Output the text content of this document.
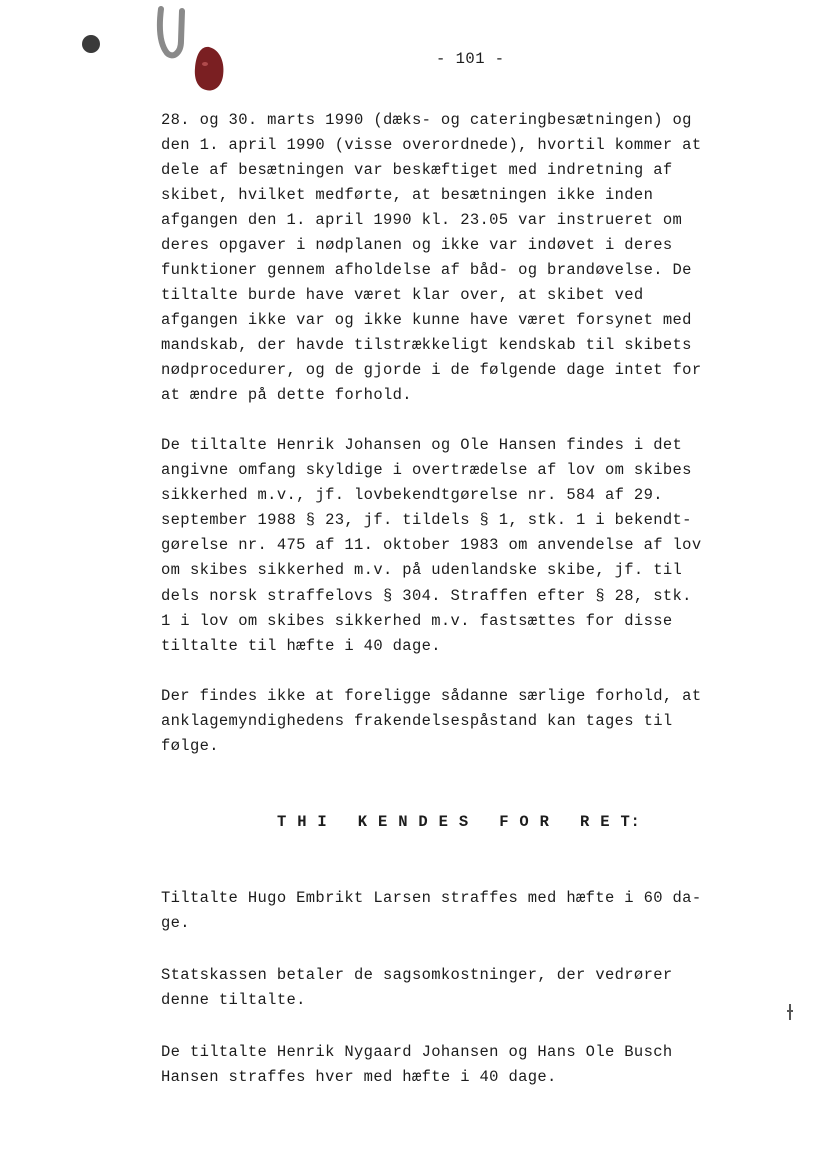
- 101 -
28. og 30. marts 1990 (dæks- og cateringbesætningen) og
den 1. april 1990 (visse overordnede), hvortil kommer at
dele af besætningen var beskæftiget med indretning af
skibet, hvilket medførte, at besætningen ikke inden
afgangen den 1. april 1990 kl. 23.05 var instrueret om
deres opgaver i nødplanen og ikke var indøvet i deres
funktioner gennem afholdelse af båd- og brandøvelse. De
tiltalte burde have været klar over, at skibet ved
afgangen ikke var og ikke kunne have været forsynet med
mandskab, der havde tilstrækkeligt kendskab til skibets
nødprocedurer, og de gjorde i de følgende dage intet for
at ændre på dette forhold.
De tiltalte Henrik Johansen og Ole Hansen findes i det
angivne omfang skyldige i overtrædelse af lov om skibes
sikkerhed m.v., jf. lovbekendtgørelse nr. 584 af 29.
september 1988 § 23, jf. tildels § 1, stk. 1 i bekendt-
gørelse nr. 475 af 11. oktober 1983 om anvendelse af lov
om skibes sikkerhed m.v. på udenlandske skibe, jf. til
dels norsk straffelovs § 304. Straffen efter § 28, stk.
1 i lov om skibes sikkerhed m.v. fastsættes for disse
tiltalte til hæfte i 40 dage.
Der findes ikke at foreligge sådanne særlige forhold, at
anklagemyndighedens frakendelsespåstand kan tages til
følge.
T H I   K E N D E S   F O R   R E T:
Tiltalte Hugo Embrikt Larsen straffes med hæfte i 60 da-
ge.
Statskassen betaler de sagsomkostninger, der vedrører
denne tiltalte.
De tiltalte Henrik Nygaard Johansen og Hans Ole Busch
Hansen straffes hver med hæfte i 40 dage.
